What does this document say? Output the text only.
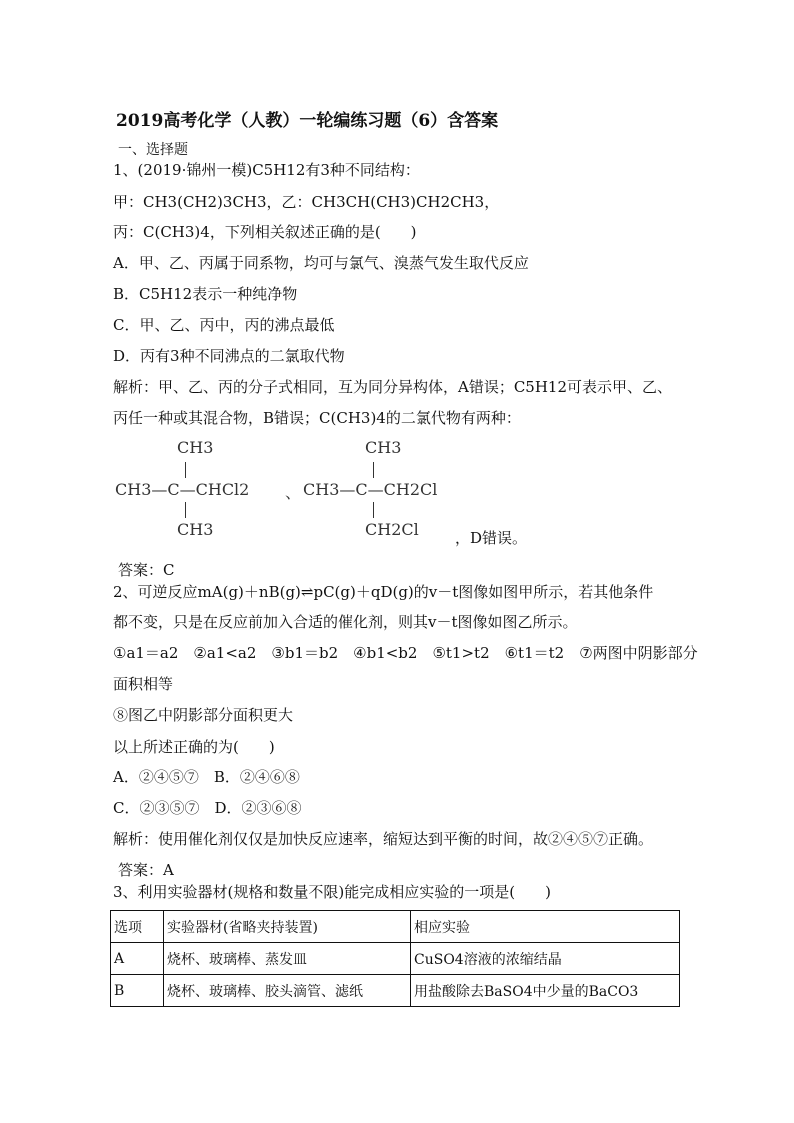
2019高考化学（人教）一轮编练习题（6）含答案
一、选择题
1、(2019·锦州一模)C5H12有3种不同结构：
甲：CH3(CH2)3CH3，乙：CH3CH(CH3)CH2CH3，
丙：C(CH3)4，下列相关叙述正确的是(　　)
A．甲、乙、丙属于同系物，均可与氯气、溴蒸气发生取代反应
B．C5H12表示一种纯净物
C．甲、乙、丙中，丙的沸点最低
D．丙有3种不同沸点的二氯取代物
解析：甲、乙、丙的分子式相同，互为同分异构体，A错误；C5H12可表示甲、乙、
丙任一种或其混合物，B错误；C(CH3)4的二氯代物有两种：
CH3
CH3—C—CHCl2
CH3
、
CH3
CH3—C—CH2Cl
CH2Cl ，D错误。
答案：C
2、可逆反应mA(g)＋nB(g)⇌pC(g)＋qD(g)的v－t图像如图甲所示，若其他条件
都不变，只是在反应前加入合适的催化剂，则其v－t图像如图乙所示。
①a1＝a2　②a1<a2　③b1＝b2　④b1<b2　⑤t1>t2　⑥t1＝t2　⑦两图中阴影部分
面积相等
⑧图乙中阴影部分面积更大
以上所述正确的为(　　)
A．②④⑤⑦　B．②④⑥⑧
C．②③⑤⑦　D．②③⑥⑧
解析：使用催化剂仅仅是加快反应速率，缩短达到平衡的时间，故②④⑤⑦正确。
答案：A
3、利用实验器材(规格和数量不限)能完成相应实验的一项是(　　)
选项	实验器材(省略夹持装置)	相应实验
A	烧杯、玻璃棒、蒸发皿	CuSO4溶液的浓缩结晶
B	烧杯、玻璃棒、胶头滴管、滤纸	用盐酸除去BaSO4中少量的BaCO3
